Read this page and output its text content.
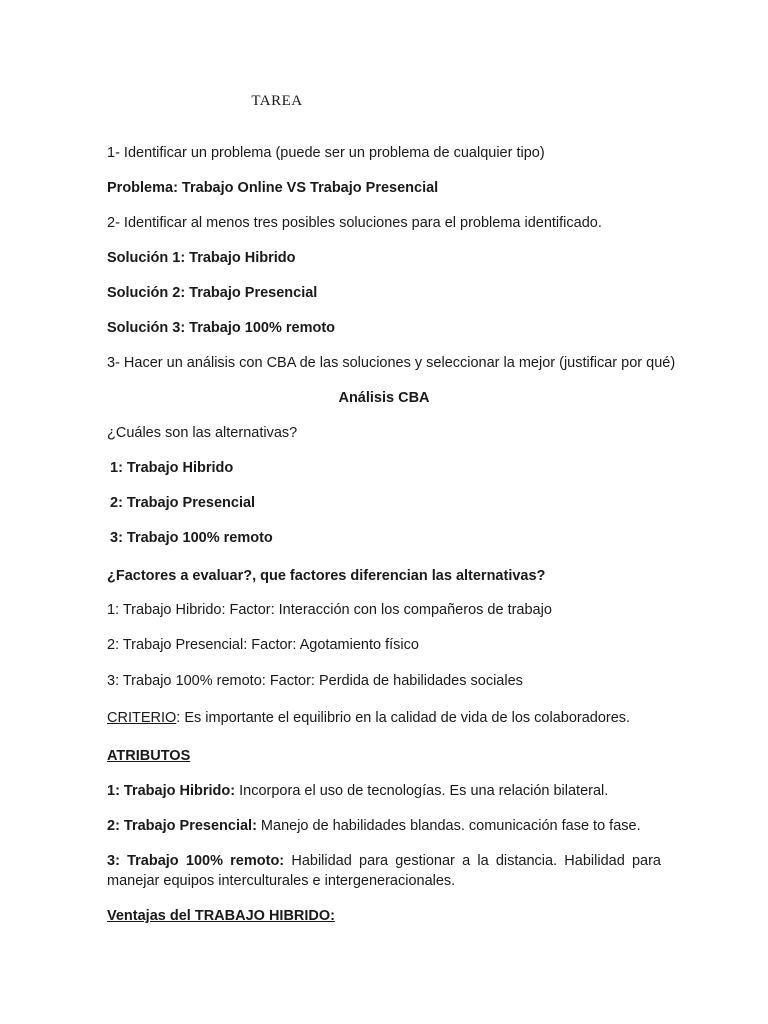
TAREA
1- Identificar un problema (puede ser un problema de cualquier tipo)
Problema: Trabajo Online VS Trabajo Presencial
2- Identificar al menos tres posibles soluciones para el problema identificado.
Solución 1: Trabajo Hibrido
Solución 2: Trabajo Presencial
Solución 3: Trabajo 100% remoto
3- Hacer un análisis con CBA de las soluciones y seleccionar la mejor (justificar por qué)
Análisis CBA
¿Cuáles son las alternativas?
1: Trabajo Hibrido
2: Trabajo Presencial
3: Trabajo 100% remoto
¿Factores a evaluar?, que factores diferencian las alternativas?
1: Trabajo Hibrido: Factor: Interacción con los compañeros de trabajo
2: Trabajo Presencial: Factor: Agotamiento físico
3: Trabajo 100% remoto: Factor: Perdida de habilidades sociales
CRITERIO: Es importante el equilibrio en la calidad de vida de los colaboradores.
ATRIBUTOS
1: Trabajo Hibrido: Incorpora el uso de tecnologías. Es una relación bilateral.
2: Trabajo Presencial: Manejo de habilidades blandas. comunicación fase to fase.
3: Trabajo 100% remoto: Habilidad para gestionar a la distancia. Habilidad para manejar equipos interculturales e intergeneracionales.
Ventajas del TRABAJO HIBRIDO:
